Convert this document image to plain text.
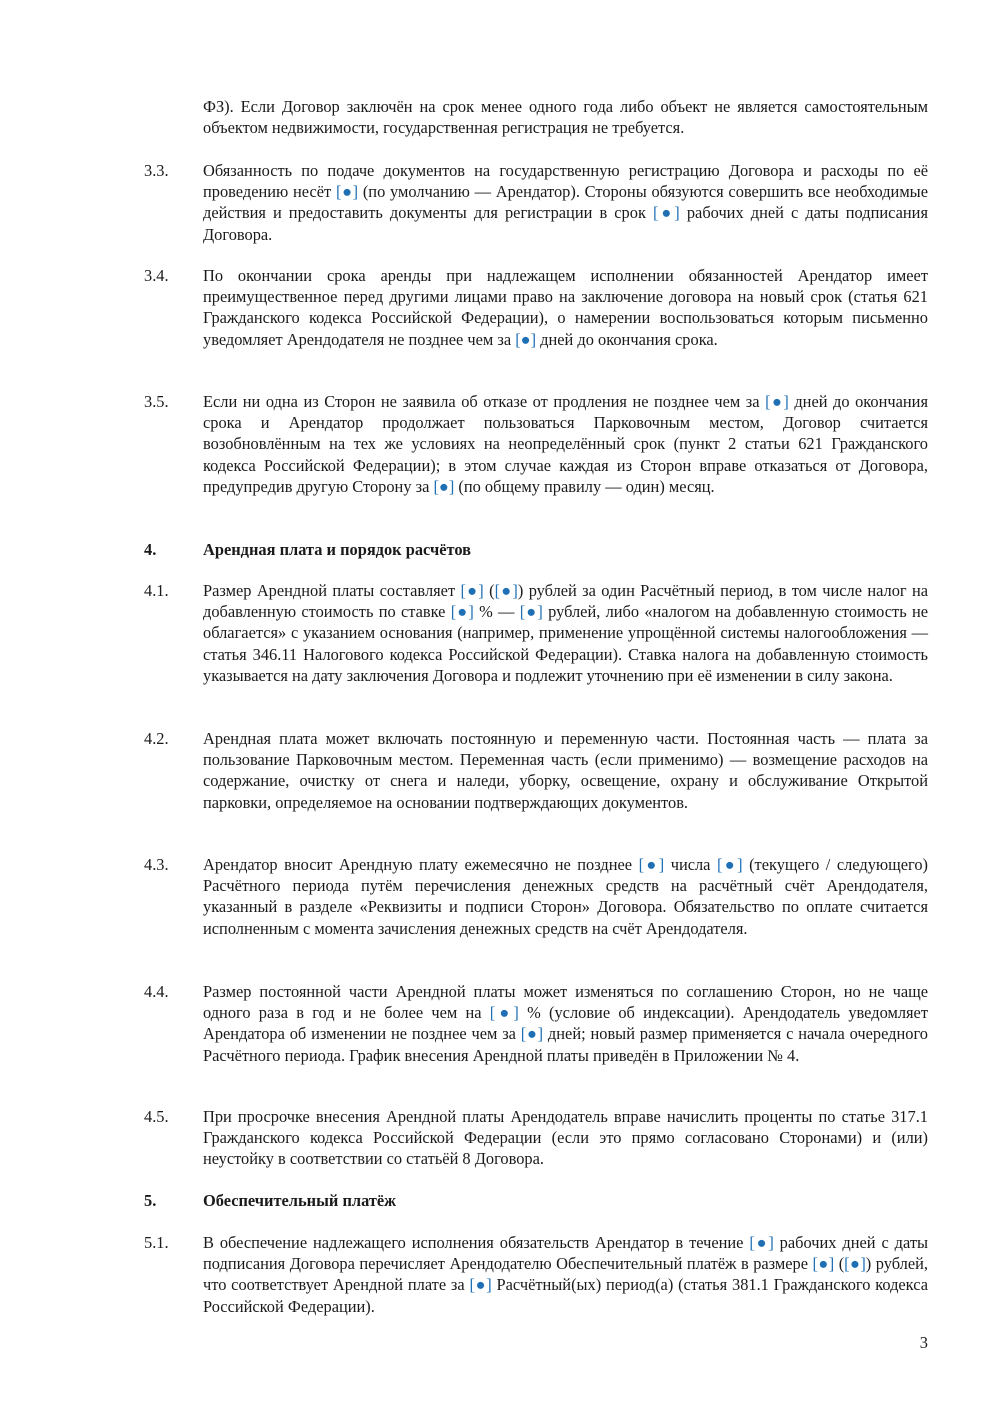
ФЗ). Если Договор заключён на срок менее одного года либо объект не является самостоятельным объектом недвижимости, государственная регистрация не требуется.
3.3.	Обязанность по подаче документов на государственную регистрацию Договора и расходы по её проведению несёт [●] (по умолчанию — Арендатор). Стороны обязуются совершить все необходимые действия и предоставить документы для регистрации в срок [●] рабочих дней с даты подписания Договора.
3.4.	По окончании срока аренды при надлежащем исполнении обязанностей Арендатор имеет преимущественное перед другими лицами право на заключение договора на новый срок (статья 621 Гражданского кодекса Российской Федерации), о намерении воспользоваться которым письменно уведомляет Арендодателя не позднее чем за [●] дней до окончания срока.
3.5.	Если ни одна из Сторон не заявила об отказе от продления не позднее чем за [●] дней до окончания срока и Арендатор продолжает пользоваться Парковочным местом, Договор считается возобновлённым на тех же условиях на неопределённый срок (пункт 2 статьи 621 Гражданского кодекса Российской Федерации); в этом случае каждая из Сторон вправе отказаться от Договора, предупредив другую Сторону за [●] (по общему правилу — один) месяц.
4.	Арендная плата и порядок расчётов
4.1.	Размер Арендной платы составляет [●] ([●]) рублей за один Расчётный период, в том числе налог на добавленную стоимость по ставке [●] % — [●] рублей, либо «налогом на добавленную стоимость не облагается» с указанием основания (например, применение упрощённой системы налогообложения — статья 346.11 Налогового кодекса Российской Федерации). Ставка налога на добавленную стоимость указывается на дату заключения Договора и подлежит уточнению при её изменении в силу закона.
4.2.	Арендная плата может включать постоянную и переменную части. Постоянная часть — плата за пользование Парковочным местом. Переменная часть (если применимо) — возмещение расходов на содержание, очистку от снега и наледи, уборку, освещение, охрану и обслуживание Открытой парковки, определяемое на основании подтверждающих документов.
4.3.	Арендатор вносит Арендную плату ежемесячно не позднее [●] числа [●] (текущего / следующего) Расчётного периода путём перечисления денежных средств на расчётный счёт Арендодателя, указанный в разделе «Реквизиты и подписи Сторон» Договора. Обязательство по оплате считается исполненным с момента зачисления денежных средств на счёт Арендодателя.
4.4.	Размер постоянной части Арендной платы может изменяться по соглашению Сторон, но не чаще одного раза в год и не более чем на [●] % (условие об индексации). Арендодатель уведомляет Арендатора об изменении не позднее чем за [●] дней; новый размер применяется с начала очередного Расчётного периода. График внесения Арендной платы приведён в Приложении № 4.
4.5.	При просрочке внесения Арендной платы Арендодатель вправе начислить проценты по статье 317.1 Гражданского кодекса Российской Федерации (если это прямо согласовано Сторонами) и (или) неустойку в соответствии со статьёй 8 Договора.
5.	Обеспечительный платёж
5.1.	В обеспечение надлежащего исполнения обязательств Арендатор в течение [●] рабочих дней с даты подписания Договора перечисляет Арендодателю Обеспечительный платёж в размере [●] ([●]) рублей, что соответствует Арендной плате за [●] Расчётный(ых) период(а) (статья 381.1 Гражданского кодекса Российской Федерации).
3
